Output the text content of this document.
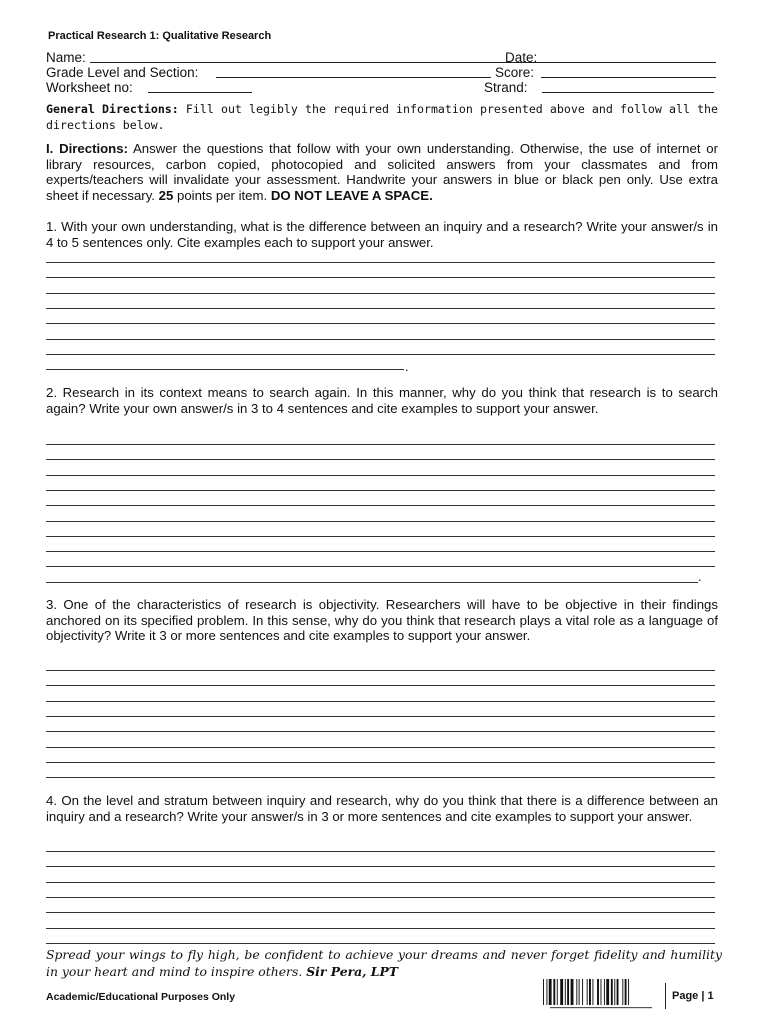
Practical Research 1: Qualitative Research
Name:	Date:
Grade Level and Section:	Score:
Worksheet no:	Strand:
General Directions: Fill out legibly the required information presented above and follow all the directions below.
I. Directions: Answer the questions that follow with your own understanding. Otherwise, the use of internet or library resources, carbon copied, photocopied and solicited answers from your classmates and from experts/teachers will invalidate your assessment. Handwrite your answers in blue or black pen only. Use extra sheet if necessary. 25 points per item. DO NOT LEAVE A SPACE.
1. With your own understanding, what is the difference between an inquiry and a research? Write your answer/s in 4 to 5 sentences only. Cite examples each to support your answer.
.
2. Research in its context means to search again. In this manner, why do you think that research is to search again? Write your own answer/s in 3 to 4 sentences and cite examples to support your answer.
.
3. One of the characteristics of research is objectivity. Researchers will have to be objective in their findings anchored on its specified problem. In this sense, why do you think that research plays a vital role as a language of objectivity? Write it 3 or more sentences and cite examples to support your answer.
4. On the level and stratum between inquiry and research, why do you think that there is a difference between an inquiry and a research? Write your answer/s in 3 or more sentences and cite examples to support your answer.
Spread your wings to fly high, be confident to achieve your dreams and never forget fidelity and humility in your heart and mind to inspire others. Sir Pera, LPT
Academic/Educational Purposes Only	Page | 1
